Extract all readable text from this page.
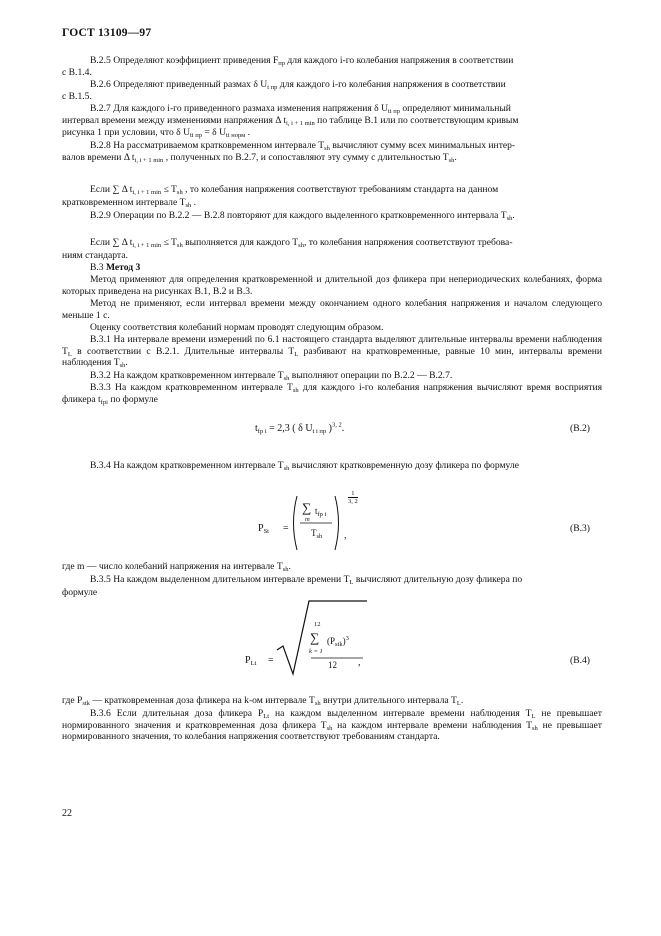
ГОСТ 13109—97
В.2.5 Определяют коэффициент приведения $F_{пр}$ для каждого i-го колебания напряжения в соответствии
с В.1.4.
В.2.6 Определяют приведенный размах δ $U_{t пр}$ для каждого i-го колебания напряжения в соответствии
с В.1.5.
В.2.7 Для каждого i-го приведенного размаха изменения напряжения δ $U_{ti пр}$ определяют минимальный
интервал времени между изменениями напряжения Δ $t_{i, i + 1 min}$ по таблице В.1 или по соответствующим кривым
рисунка 1 при условии, что δ $U_{ti пр} = \delta$ $U_{ti норм}$ .
В.2.8 На рассматриваемом кратковременном интервале $T_{sh}$ вычисляют сумму всех минимальных интер-
валов времени Δ $t_{i, i + 1 min}$ , полученных по В.2.7, и сопоставляют эту сумму с длительностью $T_{sh}$.
Если ∑ Δ $t_{i, i + 1 min} \le T_{sh}$ , то колебания напряжения соответствуют требованиям стандарта на данном
кратковременном интервале $T_{sh}$ .
В.2.9 Операции по В.2.2 — В.2.8 повторяют для каждого выделенного кратковременного интервала $T_{sh}$.
Если ∑ Δ $t_{i, i + 1 min} \le T_{sh}$ выполняется для каждого $T_{sh}$, то колебания напряжения соответствуют требова-
ниям стандарта.
В.3 Метод 3
Метод применяют для определения кратковременной и длительной доз фликера при непериодических колебаниях, форма которых приведена на рисунках В.1, В.2 и В.3.
Метод не применяют, если интервал времени между окончанием одного колебания напряжения и началом следующего меньше 1 с.
Оценку соответствия колебаний нормам проводят следующим образом.
В.3.1 На интервале времени измерений по 6.1 настоящего стандарта выделяют длительные интервалы времени наблюдения $T_L$ в соответствии с В.2.1. Длительные интервалы $T_L$ разбивают на кратковременные, равные 10 мин, интервалы времени наблюдения $T_{sh}$.
В.3.2 На каждом кратковременном интервале $T_{sh}$ выполняют операции по В.2.2 — В.2.7.
В.3.3 На каждом кратковременном интервале $T_{sh}$ для каждого i-го колебания напряжения вычисляют время восприятия фликера $t_{fpi}$ по формуле
$t_{fp i} = 2,3$ ( δ $U_{t i пр}$ )$^{3, 2}$.	(В.2)
В.3.4 На каждом кратковременном интервале $T_{sh}$ вычисляют кратковременную дозу фликера по формуле
$P_{St}$ =
∑
m
$t_{fp i}$
$T_{sh}$
1
3, 2
,
(В.3)
где m — число колебаний напряжения на интервале $T_{sh}$.
В.3.5 На каждом выделенном длительном интервале времени $T_L$ вычисляют длительную дозу фликера по
формуле
$P_{Lt}$ =
12
∑
k = 1
$(P_{stk})^3$
12 ,	(В.4)
где $P_{stk}$ — кратковременная доза фликера на k-ом интервале $T_{sh}$ внутри длительного интервала $T_L$.
В.3.6 Если длительная доза фликера $P_{Lt}$ на каждом выделенном интервале времени наблюдения $T_L$ не превышает нормированного значения и кратковременная доза фликера $T_{sh}$ на каждом интервале времени наблюдения $T_{sh}$ не превышает нормированного значения, то колебания напряжения соответствуют требованиям стандарта.
22
